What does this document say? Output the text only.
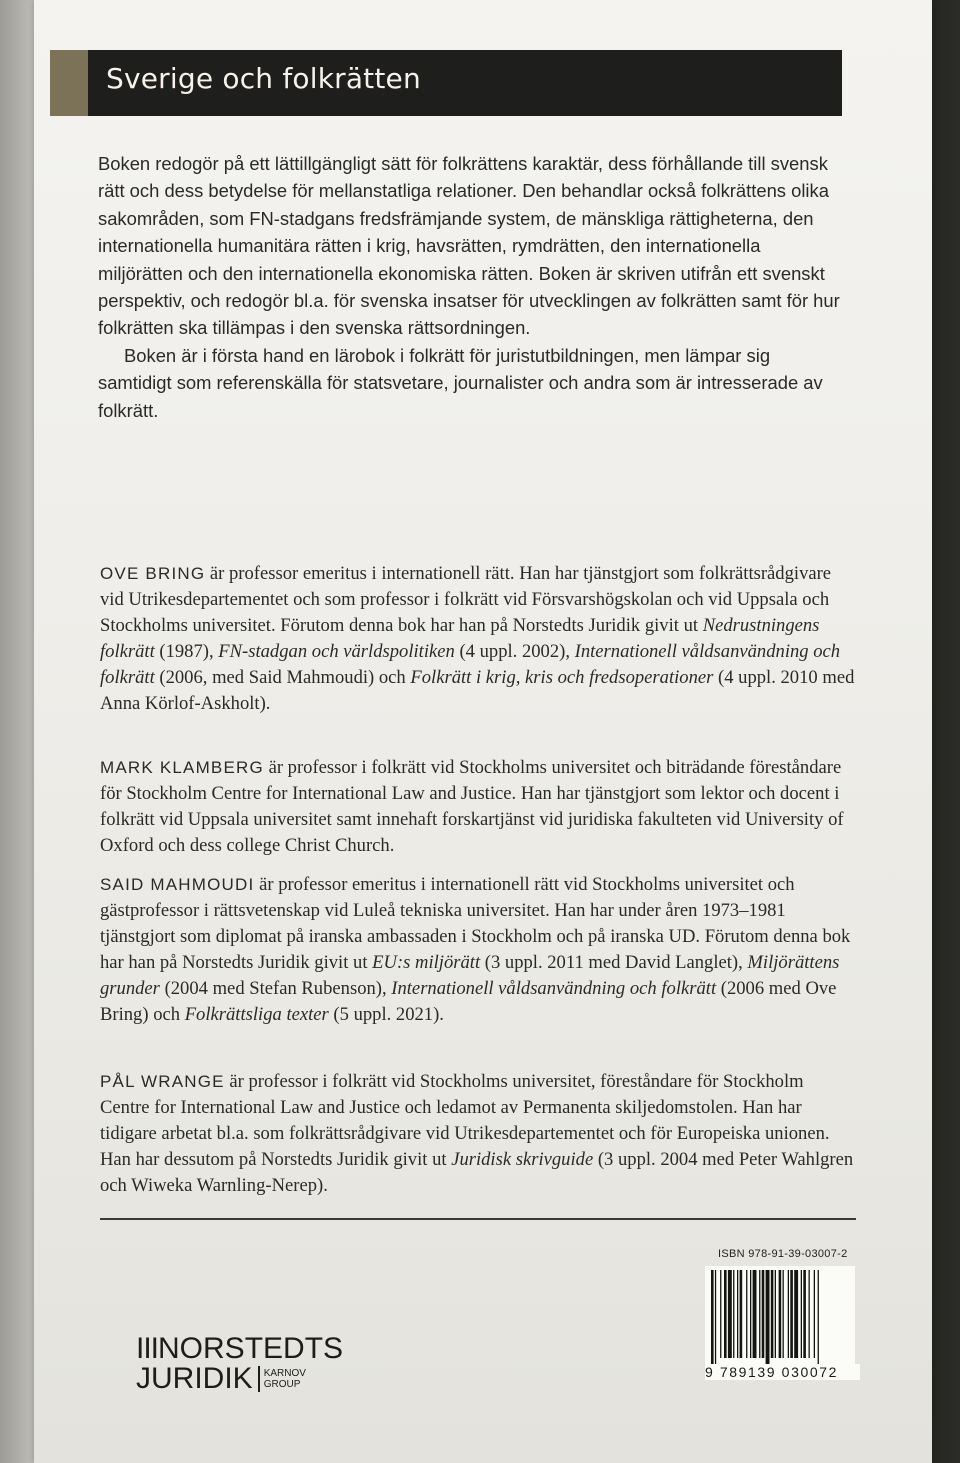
Sverige och folkrätten

Boken redogör på ett lättillgängligt sätt för folkrättens karaktär, dess förhållande till svensk rätt och dess betydelse för mellanstatliga relationer. Den behandlar också folkrättens olika sakområden, som FN-stadgans fredsfrämjande system, de mänskliga rättigheterna, den internationella humanitära rätten i krig, havsrätten, rymdrätten, den internationella miljörätten och den internationella ekonomiska rätten. Boken är skriven utifrån ett svenskt perspektiv, och redogör bl.a. för svenska insatser för utvecklingen av folkrätten samt för hur folkrätten ska tillämpas i den svenska rättsordningen.

Boken är i första hand en lärobok i folkrätt för juristutbildningen, men lämpar sig samtidigt som referenskälla för statsvetare, journalister och andra som är intresserade av folkrätt.

OVE BRING är professor emeritus i internationell rätt. Han har tjänstgjort som folkrättsrådgivare vid Utrikesdepartementet och som professor i folkrätt vid Försvarshögskolan och vid Uppsala och Stockholms universitet. Förutom denna bok har han på Norstedts Juridik givit ut Nedrustningens folkrätt (1987), FN-stadgan och världspolitiken (4 uppl. 2002), Internationell våldsanvändning och folkrätt (2006, med Said Mahmoudi) och Folkrätt i krig, kris och fredsoperationer (4 uppl. 2010 med Anna Körlof-Askholt).

MARK KLAMBERG är professor i folkrätt vid Stockholms universitet och biträdande föreståndare för Stockholm Centre for International Law and Justice. Han har tjänstgjort som lektor och docent i folkrätt vid Uppsala universitet samt innehaft forskartjänst vid juridiska fakulteten vid University of Oxford och dess college Christ Church.

SAID MAHMOUDI är professor emeritus i internationell rätt vid Stockholms universitet och gästprofessor i rättsvetenskap vid Luleå tekniska universitet. Han har under åren 1973–1981 tjänstgjort som diplomat på iranska ambassaden i Stockholm och på iranska UD. Förutom denna bok har han på Norstedts Juridik givit ut EU:s miljörätt (3 uppl. 2011 med David Langlet), Miljörättens grunder (2004 med Stefan Rubenson), Internationell våldsanvändning och folkrätt (2006 med Ove Bring) och Folkrättsliga texter (5 uppl. 2021).

PÅL WRANGE är professor i folkrätt vid Stockholms universitet, föreståndare för Stockholm Centre for International Law and Justice och ledamot av Permanenta skiljedomstolen. Han har tidigare arbetat bl.a. som folkrättsrådgivare vid Utrikesdepartementet och för Europeiska unionen. Han har dessutom på Norstedts Juridik givit ut Juridisk skrivguide (3 uppl. 2004 med Peter Wahlgren och Wiweka Warnling-Nerep).

IIINORSTEDTS
JURIDIK KARNOV
GROUP
ISBN 978-91-39-03007-2
9 789139 030072
